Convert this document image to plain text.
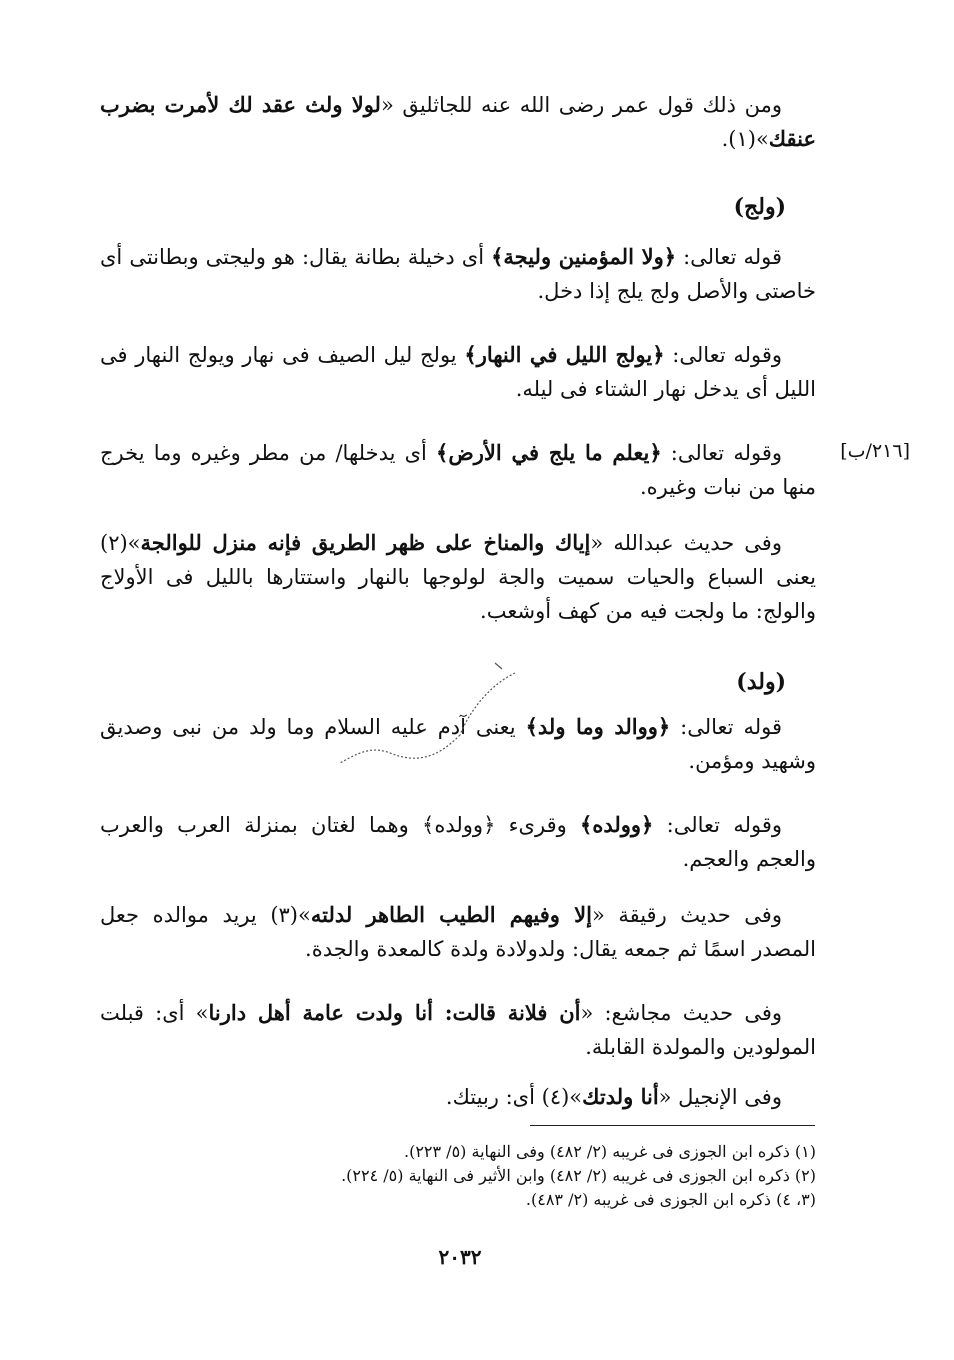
ومن ذلك قول عمر رضى الله عنه للجاثليق «لولا ولث عقد لك لأمرت بضرب عنقك»(١).

(ولج)

قوله تعالى: ﴿ولا المؤمنين وليجة﴾ أى دخيلة بطانة يقال: هو وليجتى وبطانتى أى خاصتى والأصل ولج يلج إذا دخل.

وقوله تعالى: ﴿يولج الليل في النهار﴾ يولج ليل الصيف فى نهار ويولج النهار فى الليل أى يدخل نهار الشتاء فى ليله.

وقوله تعالى: ﴿يعلم ما يلج في الأرض﴾ أى يدخلها/ من مطر وغيره وما يخرج منها من نبات وغيره.

وفى حديث عبدالله «إياك والمناخ على ظهر الطريق فإنه منزل للوالجة»(٢) يعنى السباع والحيات سميت والجة لولوجها بالنهار واستتارها بالليل فى الأولاج والولج: ما ولجت فيه من كهف أوشعب.

(ولد)

قوله تعالى: ﴿ووالد وما ولد﴾ يعنى آدم عليه السلام وما ولد من نبى وصديق وشهيد ومؤمن.

وقوله تعالى: ﴿وولده﴾ وقرىء ﴿وولده﴾ وهما لغتان بمنزلة العرب والعرب والعجم والعجم.

وفى حديث رقيقة «إلا وفيهم الطيب الطاهر لدلته»(٣) يريد موالده جعل المصدر اسمًا ثم جمعه يقال: ولدولادة ولدة كالمعدة والجدة.

وفى حديث مجاشع: «أن فلانة قالت: أنا ولدت عامة أهل دارنا» أى: قبلت المولودين والمولدة القابلة.

وفى الإنجيل «أنا ولدتك»(٤) أى: ربيتك.

[٢١٦/ب]

(١) ذكره ابن الجوزى فى غريبه (٢/ ٤٨٢) وفى النهاية (٥/ ٢٢٣).

(٢) ذكره ابن الجوزى فى غريبه (٢/ ٤٨٢) وابن الأثير فى النهاية (٥/ ٢٢٤).

(٣، ٤) ذكره ابن الجوزى فى غريبه (٢/ ٤٨٣).

٢٠٣٢
